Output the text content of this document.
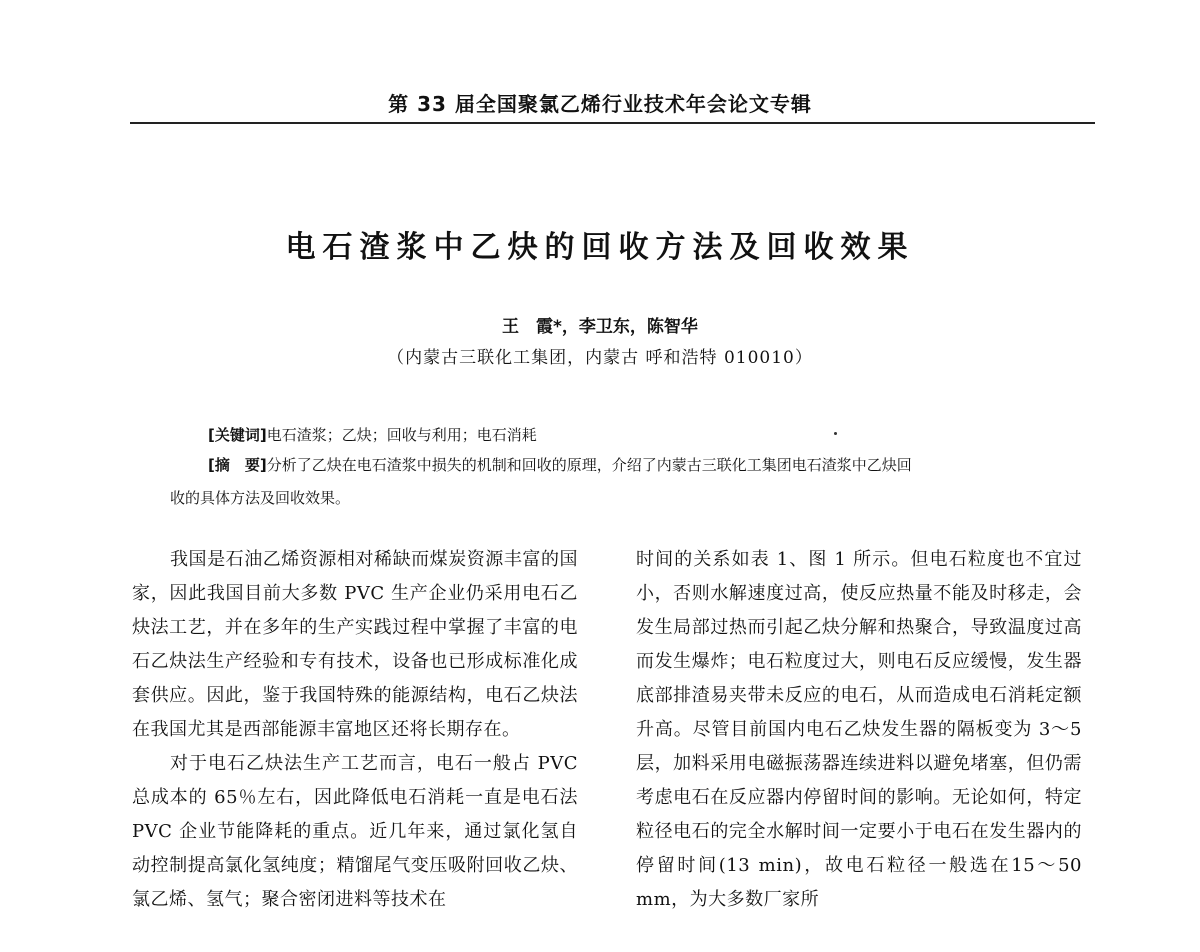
第 33 届全国聚氯乙烯行业技术年会论文专辑
电石渣浆中乙炔的回收方法及回收效果
王　霞*，李卫东，陈智华
（内蒙古三联化工集团，内蒙古 呼和浩特 010010）
[关键词]电石渣浆；乙炔；回收与利用；电石消耗
[摘　要]分析了乙炔在电石渣浆中损失的机制和回收的原理，介绍了内蒙古三联化工集团电石渣浆中乙炔回
收的具体方法及回收效果。

我国是石油乙烯资源相对稀缺而煤炭资源丰富的国家，因此我国目前大多数 PVC 生产企业仍采用电石乙炔法工艺，并在多年的生产实践过程中掌握了丰富的电石乙炔法生产经验和专有技术，设备也已形成标准化成套供应。因此，鉴于我国特殊的能源结构，电石乙炔法在我国尤其是西部能源丰富地区还将长期存在。

对于电石乙炔法生产工艺而言，电石一般占 PVC 总成本的 65％左右，因此降低电石消耗一直是电石法 PVC 企业节能降耗的重点。近几年来，通过氯化氢自动控制提高氯化氢纯度；精馏尾气变压吸附回收乙炔、氯乙烯、氢气；聚合密闭进料等技术在

时间的关系如表 1、图 1 所示。但电石粒度也不宜过小，否则水解速度过高，使反应热量不能及时移走，会发生局部过热而引起乙炔分解和热聚合，导致温度过高而发生爆炸；电石粒度过大，则电石反应缓慢，发生器底部排渣易夹带未反应的电石，从而造成电石消耗定额升高。尽管目前国内电石乙炔发生器的隔板变为 3～5 层，加料采用电磁振荡器连续进料以避免堵塞，但仍需考虑电石在反应器内停留时间的影响。无论如何，特定粒径电石的完全水解时间一定要小于电石在发生器内的停留时间(13 min)，故电石粒径一般选在15～50 mm，为大多数厂家所
